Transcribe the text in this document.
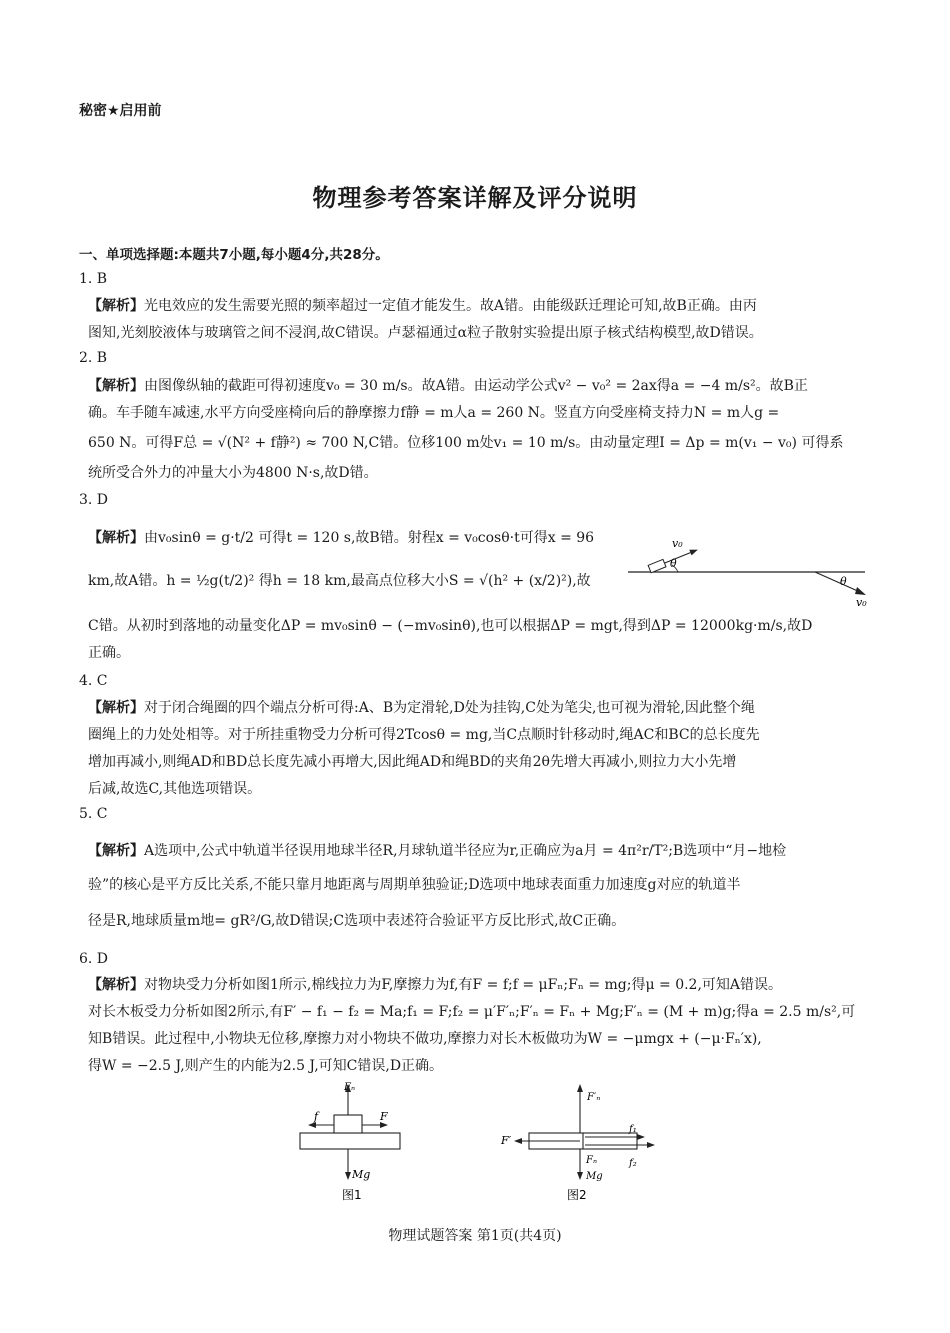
秘密★启用前
物理参考答案详解及评分说明
一、单项选择题:本题共7小题,每小题4分,共28分。
1. B
【解析】光电效应的发生需要光照的频率超过一定值才能发生。故A错。由能级跃迁理论可知,故B正确。由丙
图知,光刻胶液体与玻璃管之间不浸润,故C错误。卢瑟福通过α粒子散射实验提出原子核式结构模型,故D错误。
2. B
【解析】由图像纵轴的截距可得初速度v₀ = 30 m/s。故A错。由运动学公式v² − v₀² = 2ax得a = −4 m/s²。故B正
确。车手随车减速,水平方向受座椅向后的静摩擦力f静 = m人a = 260 N。竖直方向受座椅支持力N = m人g =
650 N。可得F总 = √(N² + f静²) ≈ 700 N,C错。位移100 m处v₁ = 10 m/s。由动量定理I = Δp = m(v₁ − v₀) 可得系
统所受合外力的冲量大小为4800 N·s,故D错。
3. D
【解析】由v₀sinθ = g·t/2 可得t = 120 s,故B错。射程x = v₀cosθ·t可得x = 96
km,故A错。h = ½g(t/2)² 得h = 18 km,最高点位移大小S = √(h² + (x/2)²),故
C错。从初时到落地的动量变化ΔP = mv₀sinθ − (−mv₀sinθ),也可以根据ΔP = mgt,得到ΔP = 12000kg·m/s,故D
正确。
v₀
θ
θ
v₀
4. C
【解析】对于闭合绳圈的四个端点分析可得:A、B为定滑轮,D处为挂钩,C处为笔尖,也可视为滑轮,因此整个绳
圈绳上的力处处相等。对于所挂重物受力分析可得2Tcosθ = mg,当C点顺时针移动时,绳AC和BC的总长度先
增加再减小,则绳AD和BD总长度先减小再增大,因此绳AD和绳BD的夹角2θ先增大再减小,则拉力大小先增
后减,故选C,其他选项错误。
5. C
【解析】A选项中,公式中轨道半径误用地球半径R,月球轨道半径应为r,正确应为a月 = 4π²r/T²;B选项中“月−地检
验”的核心是平方反比关系,不能只靠月地距离与周期单独验证;D选项中地球表面重力加速度g对应的轨道半
径是R,地球质量m地= gR²/G,故D错误;C选项中表述符合验证平方反比形式,故C正确。
6. D
【解析】对物块受力分析如图1所示,棉线拉力为F,摩擦力为f,有F = f;f = μFₙ;Fₙ = mg;得μ = 0.2,可知A错误。
对长木板受力分析如图2所示,有F′ − f₁ − f₂ = Ma;f₁ = F;f₂ = μ′F′ₙ;F′ₙ = Fₙ + Mg;F′ₙ = (M + m)g;得a = 2.5 m/s²,可
知B错误。此过程中,小物块无位移,摩擦力对小物块不做功,摩擦力对长木板做功为W = −μmgx + (−μ·Fₙ′x),
得W = −2.5 J,则产生的内能为2.5 J,可知C错误,D正确。
Fₙ
f	F
Mg
图1
F′ₙ
F′
f₁
f₂
Fₙ
Mg
图2
物理试题答案 第1页(共4页)
